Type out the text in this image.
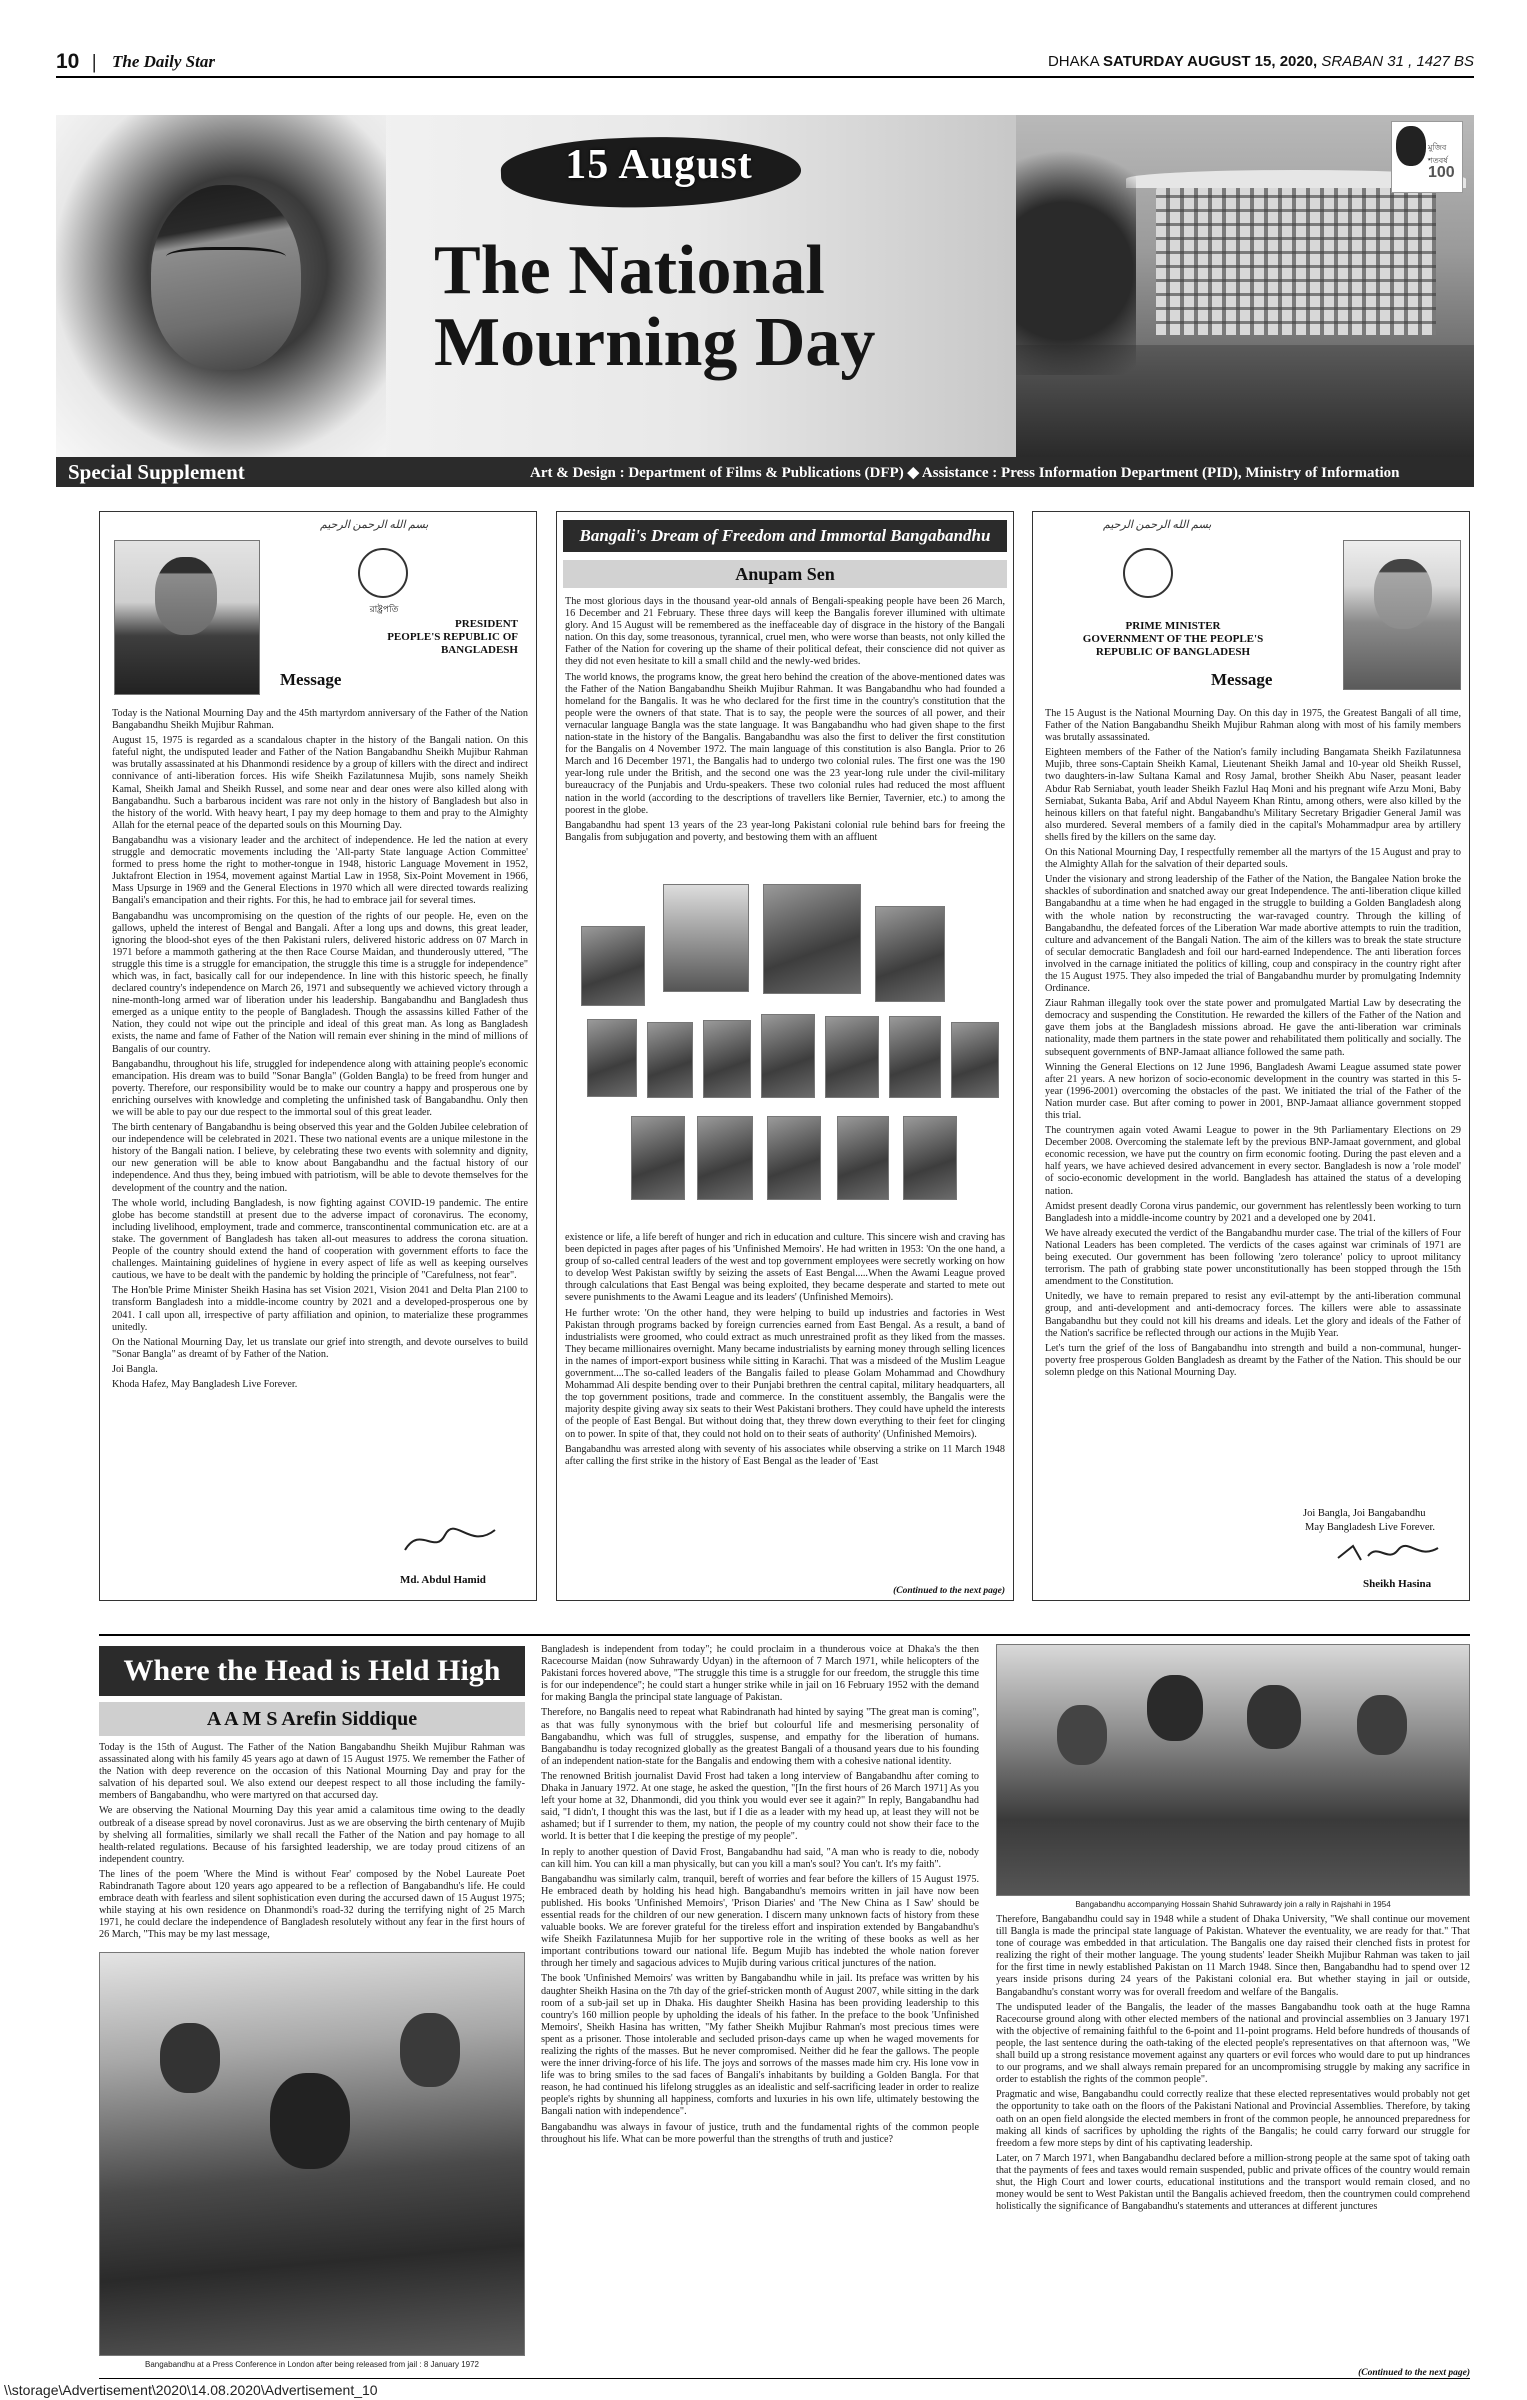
10 | The Daily Star	DHAKA SATURDAY AUGUST 15, 2020, SRABAN 31 , 1427 BS
15 August
The National
Mourning Day
মুজিব শতবর্ষ
100
Special Supplement	Art & Design : Department of Films & Publications (DFP) ◆ Assistance : Press Information Department (PID), Ministry of Information
بسم الله الرحمن الرحيم
রাষ্ট্রপতি
PRESIDENT
PEOPLE'S REPUBLIC OF
BANGLADESH
Message

Today is the National Mourning Day and the 45th martyrdom anniversary of the Father of the Nation Bangabandhu Sheikh Mujibur Rahman.

August 15, 1975 is regarded as a scandalous chapter in the history of the Bangali nation. On this fateful night, the undisputed leader and Father of the Nation Bangabandhu Sheikh Mujibur Rahman was brutally assassinated at his Dhanmondi residence by a group of killers with the direct and indirect connivance of anti-liberation forces. His wife Sheikh Fazilatunnesa Mujib, sons namely Sheikh Kamal, Sheikh Jamal and Sheikh Russel, and some near and dear ones were also killed along with Bangabandhu. Such a barbarous incident was rare not only in the history of Bangladesh but also in the history of the world. With heavy heart, I pay my deep homage to them and pray to the Almighty Allah for the eternal peace of the departed souls on this Mourning Day.

Bangabandhu was a visionary leader and the architect of independence. He led the nation at every struggle and democratic movements including the 'All-party State language Action Committee' formed to press home the right to mother-tongue in 1948, historic Language Movement in 1952, Juktafront Election in 1954, movement against Martial Law in 1958, Six-Point Movement in 1966, Mass Upsurge in 1969 and the General Elections in 1970 which all were directed towards realizing Bangali's emancipation and their rights. For this, he had to embrace jail for several times.

Bangabandhu was uncompromising on the question of the rights of our people. He, even on the gallows, upheld the interest of Bengal and Bangali. After a long ups and downs, this great leader, ignoring the blood-shot eyes of the then Pakistani rulers, delivered historic address on 07 March in 1971 before a mammoth gathering at the then Race Course Maidan, and thunderously uttered, "The struggle this time is a struggle for emancipation, the struggle this time is a struggle for independence" which was, in fact, basically call for our independence. In line with this historic speech, he finally declared country's independence on March 26, 1971 and subsequently we achieved victory through a nine-month-long armed war of liberation under his leadership. Bangabandhu and Bangladesh thus emerged as a unique entity to the people of Bangladesh. Though the assassins killed Father of the Nation, they could not wipe out the principle and ideal of this great man. As long as Bangladesh exists, the name and fame of Father of the Nation will remain ever shining in the mind of millions of Bangalis of our country.

Bangabandhu, throughout his life, struggled for independence along with attaining people's economic emancipation. His dream was to build "Sonar Bangla" (Golden Bangla) to be freed from hunger and poverty. Therefore, our responsibility would be to make our country a happy and prosperous one by enriching ourselves with knowledge and completing the unfinished task of Bangabandhu. Only then we will be able to pay our due respect to the immortal soul of this great leader.

The birth centenary of Bangabandhu is being observed this year and the Golden Jubilee celebration of our independence will be celebrated in 2021. These two national events are a unique milestone in the history of the Bangali nation. I believe, by celebrating these two events with solemnity and dignity, our new generation will be able to know about Bangabandhu and the factual history of our independence. And thus they, being imbued with patriotism, will be able to devote themselves for the development of the country and the nation.

The whole world, including Bangladesh, is now fighting against COVID-19 pandemic. The entire globe has become standstill at present due to the adverse impact of coronavirus. The economy, including livelihood, employment, trade and commerce, transcontinental communication etc. are at a stake. The government of Bangladesh has taken all-out measures to address the corona situation. People of the country should extend the hand of cooperation with government efforts to face the challenges. Maintaining guidelines of hygiene in every aspect of life as well as keeping ourselves cautious, we have to be dealt with the pandemic by holding the principle of "Carefulness, not fear".

The Hon'ble Prime Minister Sheikh Hasina has set Vision 2021, Vision 2041 and Delta Plan 2100 to transform Bangladesh into a middle-income country by 2021 and a developed-prosperous one by 2041. I call upon all, irrespective of party affiliation and opinion, to materialize these programmes unitedly.

On the National Mourning Day, let us translate our grief into strength, and devote ourselves to build "Sonar Bangla" as dreamt of by Father of the Nation.

Joi Bangla.

Khoda Hafez, May Bangladesh Live Forever.

Md. Abdul Hamid
Bangali's Dream of Freedom and Immortal Bangabandhu
Anupam Sen

The most glorious days in the thousand year-old annals of Bengali-speaking people have been 26 March, 16 December and 21 February. These three days will keep the Bangalis forever illumined with ultimate glory. And 15 August will be remembered as the ineffaceable day of disgrace in the history of the Bangali nation. On this day, some treasonous, tyrannical, cruel men, who were worse than beasts, not only killed the Father of the Nation for covering up the shame of their political defeat, their conscience did not quiver as they did not even hesitate to kill a small child and the newly-wed brides.

The world knows, the programs know, the great hero behind the creation of the above-mentioned dates was the Father of the Nation Bangabandhu Sheikh Mujibur Rahman. It was Bangabandhu who had founded a homeland for the Bangalis. It was he who declared for the first time in the country's constitution that the people were the owners of that state. That is to say, the people were the sources of all power, and their vernacular language Bangla was the state language. It was Bangabandhu who had given shape to the first nation-state in the history of the Bangalis. Bangabandhu was also the first to deliver the first constitution for the Bangalis on 4 November 1972. The main language of this constitution is also Bangla. Prior to 26 March and 16 December 1971, the Bangalis had to undergo two colonial rules. The first one was the 190 year-long rule under the British, and the second one was the 23 year-long rule under the civil-military bureaucracy of the Punjabis and Urdu-speakers. These two colonial rules had reduced the most affluent nation in the world (according to the descriptions of travellers like Bernier, Tavernier, etc.) to among the poorest in the globe.

Bangabandhu had spent 13 years of the 23 year-long Pakistani colonial rule behind bars for freeing the Bangalis from subjugation and poverty, and bestowing them with an affluent

existence or life, a life bereft of hunger and rich in education and culture. This sincere wish and craving has been depicted in pages after pages of his 'Unfinished Memoirs'. He had written in 1953: 'On the one hand, a group of so-called central leaders of the west and top government employees were secretly working on how to develop West Pakistan swiftly by seizing the assets of East Bengal.....When the Awami League proved through calculations that East Bengal was being exploited, they became desperate and started to mete out severe punishments to the Awami League and its leaders' (Unfinished Memoirs).

He further wrote: 'On the other hand, they were helping to build up industries and factories in West Pakistan through programs backed by foreign currencies earned from East Bengal. As a result, a band of industrialists were groomed, who could extract as much unrestrained profit as they liked from the masses. They became millionaires overnight. Many became industrialists by earning money through selling licences in the names of import-export business while sitting in Karachi. That was a misdeed of the Muslim League government....The so-called leaders of the Bangalis failed to please Golam Mohammad and Chowdhury Mohammad Ali despite bending over to their Punjabi brethren the central capital, military headquarters, all the top government positions, trade and commerce. In the constituent assembly, the Bangalis were the majority despite giving away six seats to their West Pakistani brothers. They could have upheld the interests of the people of East Bengal. But without doing that, they threw down everything to their feet for clinging on to power. In spite of that, they could not hold on to their seats of authority' (Unfinished Memoirs).

Bangabandhu was arrested along with seventy of his associates while observing a strike on 11 March 1948 after calling the first strike in the history of East Bengal as the leader of 'East

(Continued to the next page)
بسم الله الرحمن الرحيم
PRIME MINISTER
GOVERNMENT OF THE PEOPLE'S
REPUBLIC OF BANGLADESH
Message

The 15 August is the National Mourning Day. On this day in 1975, the Greatest Bangali of all time, Father of the Nation Bangabandhu Sheikh Mujibur Rahman along with most of his family members was brutally assassinated.

Eighteen members of the Father of the Nation's family including Bangamata Sheikh Fazilatunnesa Mujib, three sons-Captain Sheikh Kamal, Lieutenant Sheikh Jamal and 10-year old Sheikh Russel, two daughters-in-law Sultana Kamal and Rosy Jamal, brother Sheikh Abu Naser, peasant leader Abdur Rab Serniabat, youth leader Sheikh Fazlul Haq Moni and his pregnant wife Arzu Moni, Baby Serniabat, Sukanta Baba, Arif and Abdul Nayeem Khan Rintu, among others, were also killed by the heinous killers on that fateful night. Bangabandhu's Military Secretary Brigadier General Jamil was also murdered. Several members of a family died in the capital's Mohammadpur area by artillery shells fired by the killers on the same day.

On this National Mourning Day, I respectfully remember all the martyrs of the 15 August and pray to the Almighty Allah for the salvation of their departed souls.

Under the visionary and strong leadership of the Father of the Nation, the Bangalee Nation broke the shackles of subordination and snatched away our great Independence. The anti-liberation clique killed Bangabandhu at a time when he had engaged in the struggle to building a Golden Bangladesh along with the whole nation by reconstructing the war-ravaged country. Through the killing of Bangabandhu, the defeated forces of the Liberation War made abortive attempts to ruin the tradition, culture and advancement of the Bangali Nation. The aim of the killers was to break the state structure of secular democratic Bangladesh and foil our hard-earned Independence. The anti liberation forces involved in the carnage initiated the politics of killing, coup and conspiracy in the country right after the 15 August 1975. They also impeded the trial of Bangabandhu murder by promulgating Indemnity Ordinance.

Ziaur Rahman illegally took over the state power and promulgated Martial Law by desecrating the democracy and suspending the Constitution. He rewarded the killers of the Father of the Nation and gave them jobs at the Bangladesh missions abroad. He gave the anti-liberation war criminals nationality, made them partners in the state power and rehabilitated them politically and socially. The subsequent governments of BNP-Jamaat alliance followed the same path.

Winning the General Elections on 12 June 1996, Bangladesh Awami League assumed state power after 21 years. A new horizon of socio-economic development in the country was started in this 5-year (1996-2001) overcoming the obstacles of the past. We initiated the trial of the Father of the Nation murder case. But after coming to power in 2001, BNP-Jamaat alliance government stopped this trial.

The countrymen again voted Awami League to power in the 9th Parliamentary Elections on 29 December 2008. Overcoming the stalemate left by the previous BNP-Jamaat government, and global economic recession, we have put the country on firm economic footing. During the past eleven and a half years, we have achieved desired advancement in every sector. Bangladesh is now a 'role model' of socio-economic development in the world. Bangladesh has attained the status of a developing nation.

Amidst present deadly Corona virus pandemic, our government has relentlessly been working to turn Bangladesh into a middle-income country by 2021 and a developed one by 2041.

We have already executed the verdict of the Bangabandhu murder case. The trial of the killers of Four National Leaders has been completed. The verdicts of the cases against war criminals of 1971 are being executed. Our government has been following 'zero tolerance' policy to uproot militancy terrorism. The path of grabbing state power unconstitutionally has been stopped through the 15th amendment to the Constitution.

Unitedly, we have to remain prepared to resist any evil-attempt by the anti-liberation communal group, and anti-development and anti-democracy forces. The killers were able to assassinate Bangabandhu but they could not kill his dreams and ideals. Let the glory and ideals of the Father of the Nation's sacrifice be reflected through our actions in the Mujib Year.

Let's turn the grief of the loss of Bangabandhu into strength and build a non-communal, hunger-poverty free prosperous Golden Bangladesh as dreamt by the Father of the Nation. This should be our solemn pledge on this National Mourning Day.

Joi Bangla, Joi Bangabandhu
May Bangladesh Live Forever.
Sheikh Hasina
Where the Head is Held High
A A M S Arefin Siddique

Today is the 15th of August. The Father of the Nation Bangabandhu Sheikh Mujibur Rahman was assassinated along with his family 45 years ago at dawn of 15 August 1975. We remember the Father of the Nation with deep reverence on the occasion of this National Mourning Day and pray for the salvation of his departed soul. We also extend our deepest respect to all those including the family-members of Bangabandhu, who were martyred on that accursed day.

We are observing the National Mourning Day this year amid a calamitous time owing to the deadly outbreak of a disease spread by novel coronavirus. Just as we are observing the birth centenary of Mujib by shelving all formalities, similarly we shall recall the Father of the Nation and pay homage to all health-related regulations. Because of his farsighted leadership, we are today proud citizens of an independent country.

The lines of the poem 'Where the Mind is without Fear' composed by the Nobel Laureate Poet Rabindranath Tagore about 120 years ago appeared to be a reflection of Bangabandhu's life. He could embrace death with fearless and silent sophistication even during the accursed dawn of 15 August 1975; while staying at his own residence on Dhanmondi's road-32 during the terrifying night of 25 March 1971, he could declare the independence of Bangladesh resolutely without any fear in the first hours of 26 March, "This may be my last message,

Bangabandhu at a Press Conference in London after being released from jail : 8 January 1972

Bangladesh is independent from today"; he could proclaim in a thunderous voice at Dhaka's the then Racecourse Maidan (now Suhrawardy Udyan) in the afternoon of 7 March 1971, while helicopters of the Pakistani forces hovered above, "The struggle this time is a struggle for our freedom, the struggle this time is for our independence"; he could start a hunger strike while in jail on 16 February 1952 with the demand for making Bangla the principal state language of Pakistan.

Therefore, no Bangalis need to repeat what Rabindranath had hinted by saying "The great man is coming", as that was fully synonymous with the brief but colourful life and mesmerising personality of Bangabandhu, which was full of struggles, suspense, and empathy for the liberation of humans. Bangabandhu is today recognized globally as the greatest Bangali of a thousand years due to his founding of an independent nation-state for the Bangalis and endowing them with a cohesive national identity.

The renowned British journalist David Frost had taken a long interview of Bangabandhu after coming to Dhaka in January 1972. At one stage, he asked the question, "[In the first hours of 26 March 1971] As you left your home at 32, Dhanmondi, did you think you would ever see it again?" In reply, Bangabandhu had said, "I didn't, I thought this was the last, but if I die as a leader with my head up, at least they will not be ashamed; but if I surrender to them, my nation, the people of my country could not show their face to the world. It is better that I die keeping the prestige of my people".

In reply to another question of David Frost, Bangabandhu had said, "A man who is ready to die, nobody can kill him. You can kill a man physically, but can you kill a man's soul? You can't. It's my faith".

Bangabandhu was similarly calm, tranquil, bereft of worries and fear before the killers of 15 August 1975. He embraced death by holding his head high. Bangabandhu's memoirs written in jail have now been published. His books 'Unfinished Memoirs', 'Prison Diaries' and 'The New China as I Saw' should be essential reads for the children of our new generation. I discern many unknown facts of history from these valuable books. We are forever grateful for the tireless effort and inspiration extended by Bangabandhu's wife Sheikh Fazilatunnesa Mujib for her supportive role in the writing of these books as well as her important contributions toward our national life. Begum Mujib has indebted the whole nation forever through her timely and sagacious advices to Mujib during various critical junctures of the nation.

The book 'Unfinished Memoirs' was written by Bangabandhu while in jail. Its preface was written by his daughter Sheikh Hasina on the 7th day of the grief-stricken month of August 2007, while sitting in the dark room of a sub-jail set up in Dhaka. His daughter Sheikh Hasina has been providing leadership to this country's 160 million people by upholding the ideals of his father. In the preface to the book 'Unfinished Memoirs', Sheikh Hasina has written, "My father Sheikh Mujibur Rahman's most precious times were spent as a prisoner. Those intolerable and secluded prison-days came up when he waged movements for realizing the rights of the masses. But he never compromised. Neither did he fear the gallows. The people were the inner driving-force of his life. The joys and sorrows of the masses made him cry. His lone vow in life was to bring smiles to the sad faces of Bangali's inhabitants by building a Golden Bangla. For that reason, he had continued his lifelong struggles as an idealistic and self-sacrificing leader in order to realize people's rights by shunning all happiness, comforts and luxuries in his own life, ultimately bestowing the Bangali nation with independence".

Bangabandhu was always in favour of justice, truth and the fundamental rights of the common people throughout his life. What can be more powerful than the strengths of truth and justice?

Bangabandhu accompanying Hossain Shahid Suhrawardy join a rally in Rajshahi in 1954

Therefore, Bangabandhu could say in 1948 while a student of Dhaka University, "We shall continue our movement till Bangla is made the principal state language of Pakistan. Whatever the eventuality, we are ready for that." That tone of courage was embedded in that articulation. The Bangalis one day raised their clenched fists in protest for realizing the right of their mother language. The young students' leader Sheikh Mujibur Rahman was taken to jail for the first time in newly established Pakistan on 11 March 1948. Since then, Bangabandhu had to spend over 12 years inside prisons during 24 years of the Pakistani colonial era. But whether staying in jail or outside, Bangabandhu's constant worry was for overall freedom and welfare of the Bangalis.

The undisputed leader of the Bangalis, the leader of the masses Bangabandhu took oath at the huge Ramna Racecourse ground along with other elected members of the national and provincial assemblies on 3 January 1971 with the objective of remaining faithful to the 6-point and 11-point programs. Held before hundreds of thousands of people, the last sentence during the oath-taking of the elected people's representatives on that afternoon was, "We shall build up a strong resistance movement against any quarters or evil forces who would dare to put up hindrances to our programs, and we shall always remain prepared for an uncompromising struggle by making any sacrifice in order to establish the rights of the common people".

Pragmatic and wise, Bangabandhu could correctly realize that these elected representatives would probably not get the opportunity to take oath on the floors of the Pakistani National and Provincial Assemblies. Therefore, by taking oath on an open field alongside the elected members in front of the common people, he announced preparedness for making all kinds of sacrifices by upholding the rights of the Bangalis; he could carry forward our struggle for freedom a few more steps by dint of his captivating leadership.

Later, on 7 March 1971, when Bangabandhu declared before a million-strong people at the same spot of taking oath that the payments of fees and taxes would remain suspended, public and private offices of the country would remain shut, the High Court and lower courts, educational institutions and the transport would remain closed, and no money would be sent to West Pakistan until the Bangalis achieved freedom, then the countrymen could comprehend holistically the significance of Bangabandhu's statements and utterances at different junctures

(Continued to the next page)
\\storage\Advertisement\2020\14.08.2020\Advertisement_10
